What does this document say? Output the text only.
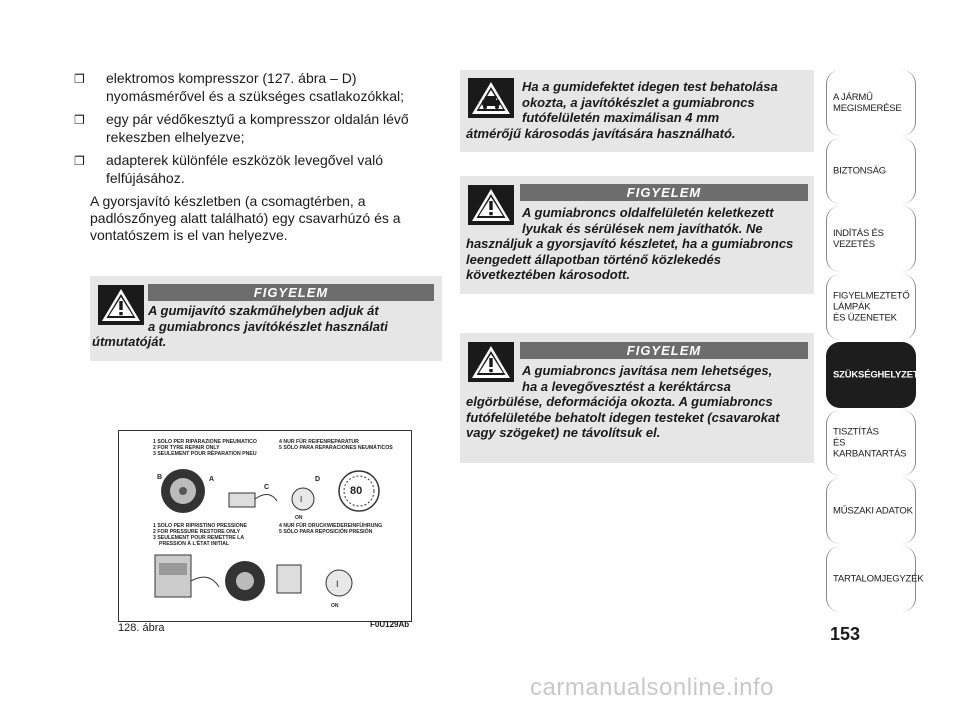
❒ elektromos kompresszor (127. ábra – D) nyomásmérővel és a szükséges csatlakozókkal;

❒ egy pár védőkesztyű a kompresszor oldalán lévő rekeszben elhelyezve;

❒ adapterek különféle eszközök levegővel való felfújásához.

A gyorsjavító készletben (a csomagtérben, a padlószőnyeg alatt található) egy csavarhúzó és a vontatószem is el van helyezve.

FIGYELEM
A gumijavító szakműhelyben adjuk át
a gumiabroncs javítókészlet használati
útmutatóját.
1 SOLO PER RIPARAZIONE PNEUMATICO
2 FOR TYRE REPAIR ONLY
3 SEULEMENT POUR RÉPARATION PNEU
4 NUR FÜR REIFENREPARATUR
5 SÓLO PARA REPARACIONES NEUMÁTICOS
1 SOLO PER RIPRISTINO PRESSIONE
2 FOR PRESSURE RESTORE ONLY
3 SEULEMENT POUR REMETTRE LA
PRESSION À L'ÉTAT INITIAL
4 NUR FÜR DRUCKWIEDEREINFÜHRUNG
5 SÓLO PARA REPOSICIÓN PRESIÓN
B	A
C
I
ON
D
80
I
ON
128. ábra	F0U129Ab
Ha a gumidefektet idegen test behatolása
okozta, a javítókészlet a gumiabroncs
futófelületén maximálisan 4 mm
átmérőjű károsodás javítására használható.
FIGYELEM
A gumiabroncs oldalfelületén keletkezett
lyukak és sérülések nem javíthatók. Ne
használjuk a gyorsjavító készletet, ha a gumiabroncs leengedett állapotban történő közlekedés következtében károsodott.
FIGYELEM
A gumiabroncs javítása nem lehetséges,
ha a levegővesztést a keréktárcsa
elgörbülése, deformációja okozta. A gumiabroncs futófelületébe behatolt idegen testeket (csavarokat vagy szögeket) ne távolítsuk el.
A JÁRMŰ
MEGISMERÉSE
BIZTONSÁG
INDÍTÁS ÉS VEZETÉS
FIGYELMEZTETŐ
LÁMPÁK
ÉS ÜZENETEK
SZÜKSÉGHELYZETBEN
TISZTÍTÁS
ÉS KARBANTARTÁS
MŰSZAKI ADATOK
TARTALOMJEGYZÉK
153
carmanualsonline.info
